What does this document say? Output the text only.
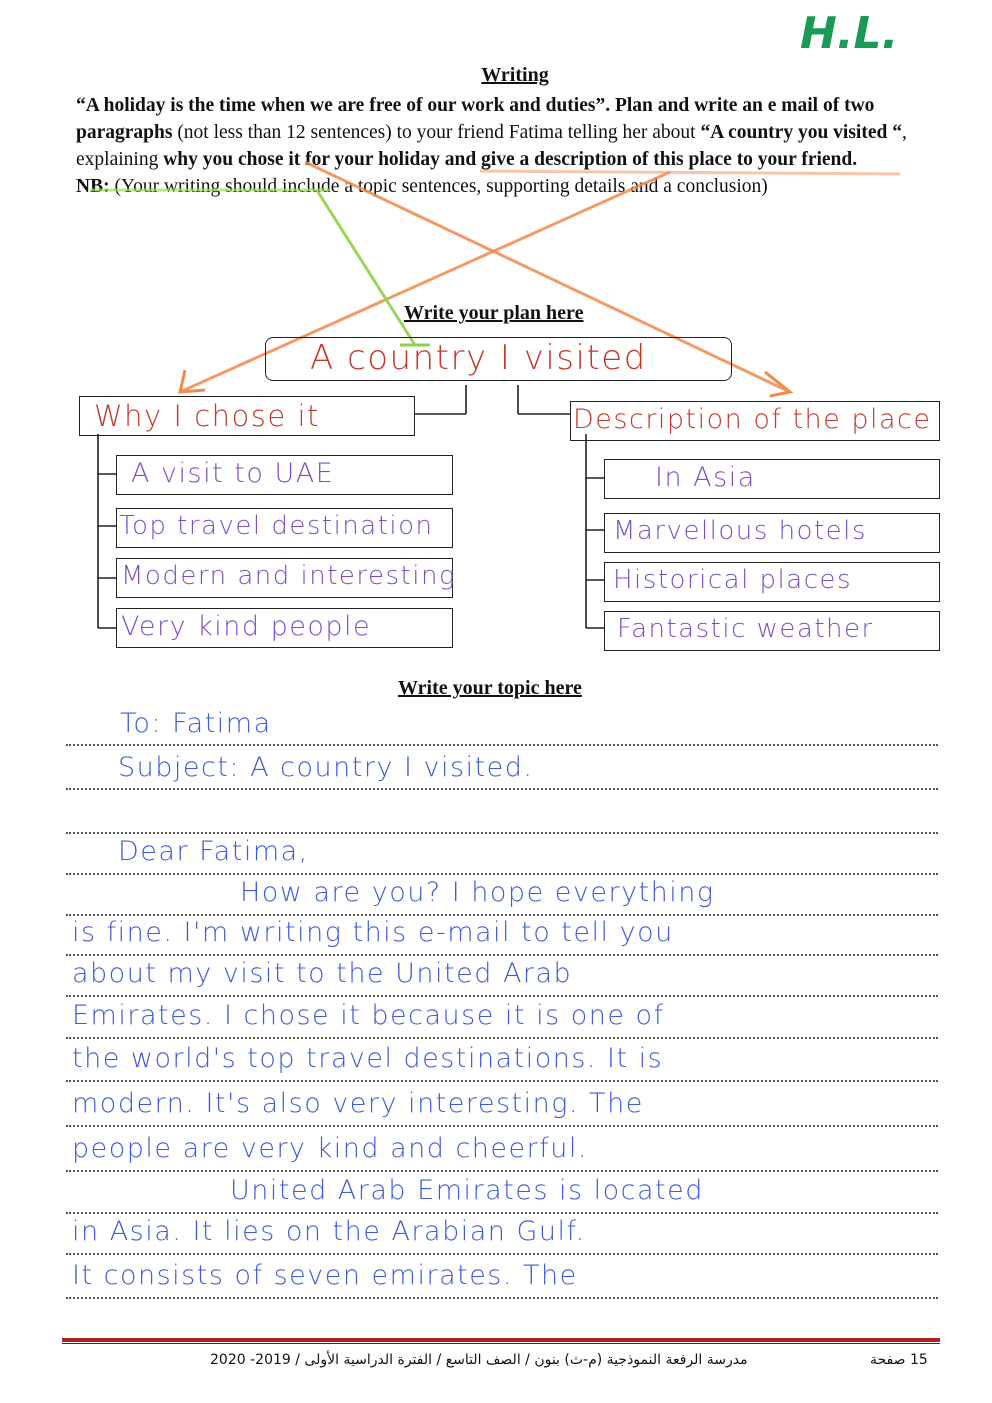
H.L.
Writing
“A holiday is the time when we are free of our work and duties”. Plan and write an e mail of two paragraphs (not less than 12 sentences) to your friend Fatima telling her about “A country you visited “, explaining why you chose it for your holiday and give a description of this place to your friend.
NB: (Your writing should include a topic sentences, supporting details and a conclusion)
Write your plan here
A country I visited
Why I chose it	Description of the place
A visit to UAE
Top travel destination
Modern and interesting
Very kind people
In Asia
Marvellous hotels
Historical places
Fantastic weather
Write your topic here
To: Fatima
Subject: A country I visited.
Dear Fatima,
How are you? I hope everything
is fine. I'm writing this e-mail to tell you
about my visit to the United Arab
Emirates. I chose it because it is one of
the world's top travel destinations. It is
modern. It's also very interesting. The
people are very kind and cheerful.
United Arab Emirates is located
in Asia. It lies on the Arabian Gulf.
It consists of seven emirates. The
مدرسة الرفعة النموذجية (م-ث) بنون / الصف التاسع / الفترة الدراسية الأولى / 2019- 2020	15 صفحة
